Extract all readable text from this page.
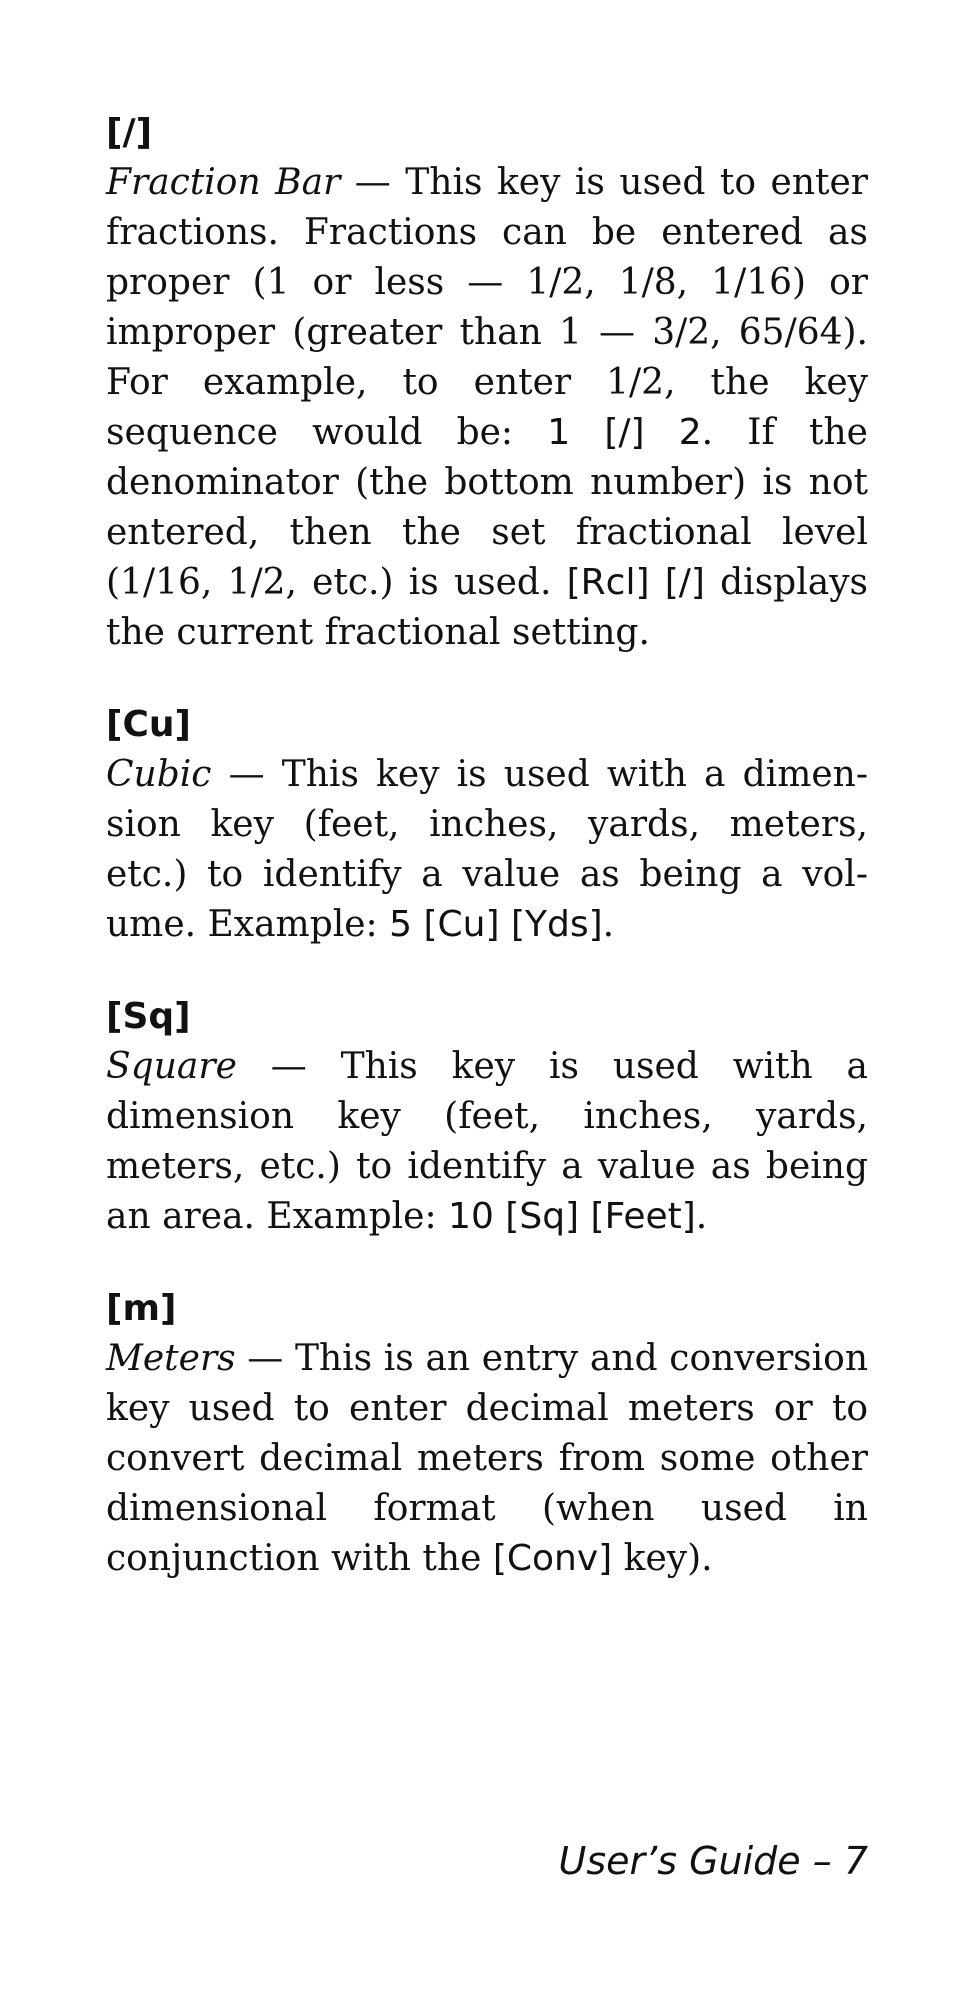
[/]

Fraction Bar — This key is used to enter fractions. Fractions can be entered as proper (1 or less — 1/2, 1/8, 1/16) or improper (greater than 1 — 3/2, 65/64). For example, to enter 1/2, the key sequence would be: 1 [/] 2. If the denominator (the bottom number) is not entered, then the set fractional level (1/16, 1/2, etc.) is used. [Rcl] [/] displays the current fractional setting.

[Cu]

Cubic — This key is used with a dimension key (feet, inches, yards, meters, etc.) to identify a value as being a volume. Example: 5 [Cu] [Yds].

[Sq]

Square — This key is used with a dimension key (feet, inches, yards, meters, etc.) to identify a value as being an area. Example: 10 [Sq] [Feet].

[m]

Meters — This is an entry and conversion key used to enter decimal meters or to convert decimal meters from some other dimensional format (when used in conjunction with the [Conv] key).

User’s Guide – 7
